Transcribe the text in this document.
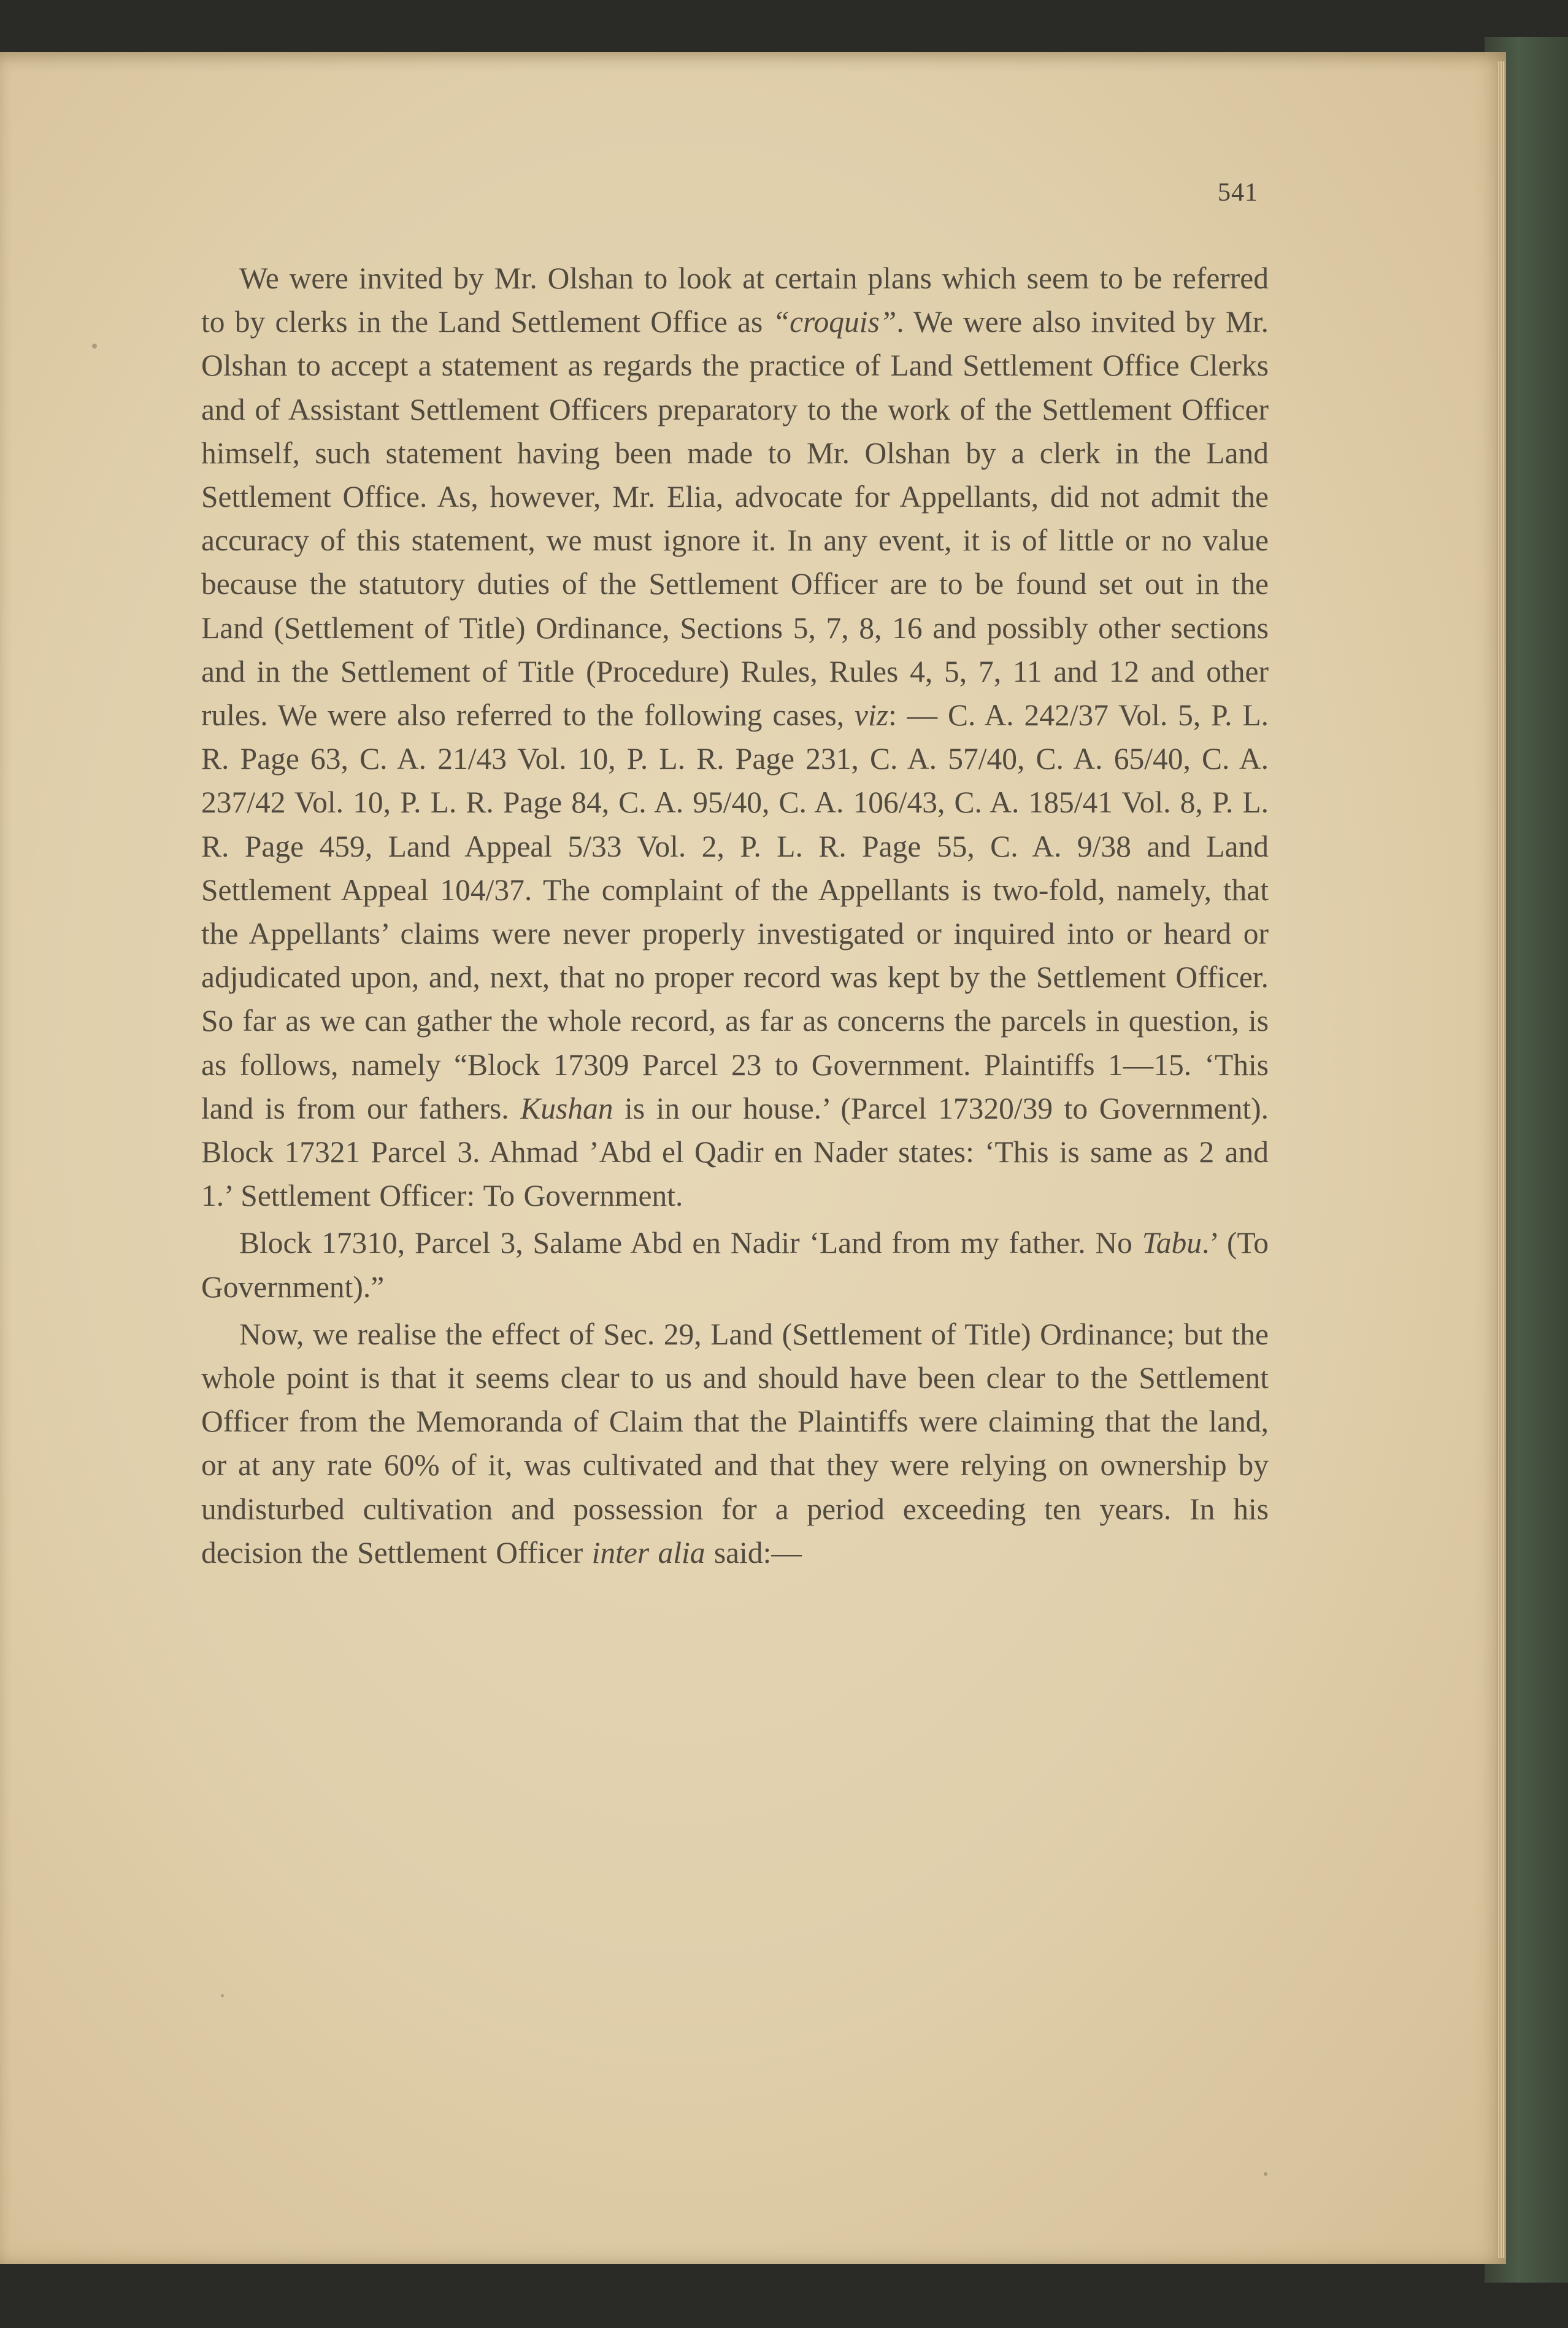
541

We were invited by Mr. Olshan to look at certain plans which seem to be referred to by clerks in the Land Settlement Office as “croquis”. We were also invited by Mr. Olshan to accept a statement as regards the practice of Land Settlement Office Clerks and of Assistant Settlement Officers preparatory to the work of the Settlement Officer himself, such statement having been made to Mr. Olshan by a clerk in the Land Settlement Office. As, however, Mr. Elia, advocate for Appellants, did not admit the accuracy of this statement, we must ignore it. In any event, it is of little or no value because the statutory duties of the Settlement Officer are to be found set out in the Land (Settlement of Title) Ordinance, Sections 5, 7, 8, 16 and possibly other sections and in the Settlement of Title (Procedure) Rules, Rules 4, 5, 7, 11 and 12 and other rules. We were also referred to the following cases, viz: — C. A. 242/37 Vol. 5, P. L. R. Page 63, C. A. 21/43 Vol. 10, P. L. R. Page 231, C. A. 57/40, C. A. 65/40, C. A. 237/42 Vol. 10, P. L. R. Page 84, C. A. 95/40, C. A. 106/43, C. A. 185/41 Vol. 8, P. L. R. Page 459, Land Appeal 5/33 Vol. 2, P. L. R. Page 55, C. A. 9/38 and Land Settlement Appeal 104/37. The complaint of the Appellants is two-fold, namely, that the Appellants’ claims were never properly investigated or inquired into or heard or adjudicated upon, and, next, that no proper record was kept by the Settlement Officer. So far as we can gather the whole record, as far as concerns the parcels in question, is as follows, namely “Block 17309 Parcel 23 to Government. Plaintiffs 1—15. ‘This land is from our fathers. Kushan is in our house.’ (Parcel 17320/39 to Government). Block 17321 Parcel 3. Ahmad ’Abd el Qadir en Nader states: ‘This is same as 2 and 1.’ Settlement Officer: To Government.

Block 17310, Parcel 3, Salame Abd en Nadir ‘Land from my father. No Tabu.’ (To Government).”

Now, we realise the effect of Sec. 29, Land (Settlement of Title) Ordinance; but the whole point is that it seems clear to us and should have been clear to the Settlement Officer from the Memoranda of Claim that the Plaintiffs were claiming that the land, or at any rate 60% of it, was cultivated and that they were relying on ownership by undisturbed cultivation and possession for a period exceeding ten years. In his decision the Settlement Officer inter alia said:—
